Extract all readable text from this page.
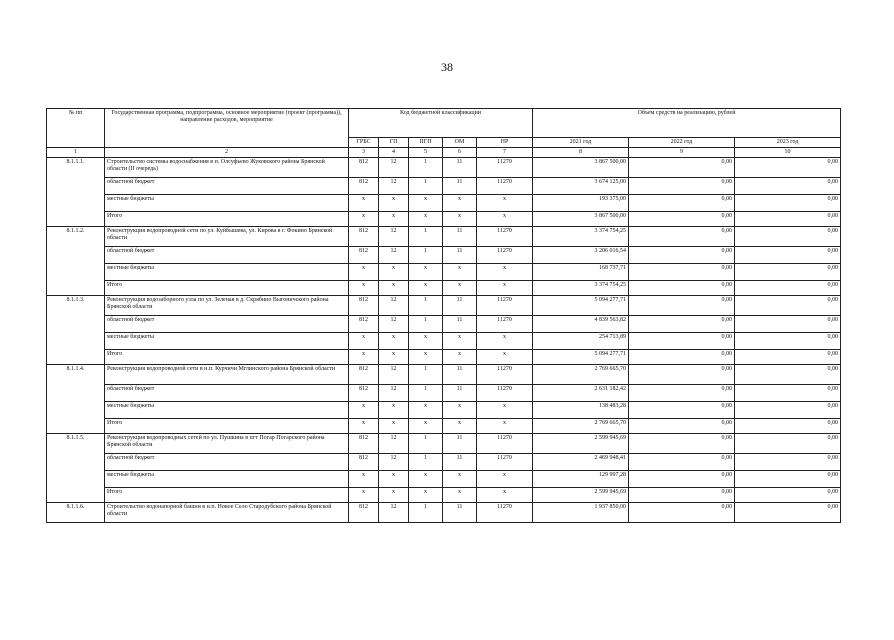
38
№ пп	Государственная программа, подпрограмма, основное мероприятие (проект (программа)), направление расходов, мероприятие	Код бюджетной классификации					Объем средств на реализацию, рублей		
		ГРБС	ГП	ПГП	ОМ	НР	2021 год	2022 год	2023 год
1	2	3	4	5	6	7	8	9	10
8.1.1.1.	Строительство системы водоснабжения в п. Олсуфьево Жуковского района Брянской области (II очередь)	812	12	1	11	11270	3 867 500,00	0,00	0,00
	областной бюджет	812	12	1	11	11270	3 674 125,00	0,00	0,00
	местные бюджеты	х	х	х	х	х	193 375,00	0,00	0,00
	Итого	х	х	х	х	х	3 867 500,00	0,00	0,00
8.1.1.2.	Реконструкция водопроводной сети по ул. Куйбышева, ул. Кирова в г. Фокино Брянской области	812	12	1	11	11270	3 374 754,25	0,00	0,00
	областной бюджет	812	12	1	11	11270	3 206 016,54	0,00	0,00
	местные бюджеты	х	х	х	х	х	168 737,71	0,00	0,00
	Итого	х	х	х	х	х	3 374 754,25	0,00	0,00
8.1.1.3.	Реконструкция водозаборного узла по ул. Зеленая в д. Скрябино Выгоничского района Брянской области	812	12	1	11	11270	5 094 277,71	0,00	0,00
	областной бюджет	812	12	1	11	11270	4 839 563,82	0,00	0,00
	местные бюджеты	х	х	х	х	х	254 713,89	0,00	0,00
	Итого	х	х	х	х	х	5 094 277,71	0,00	0,00
8.1.1.4.	Реконструкция водопроводной сети в н.п. Курчичи Мглинского района Брянской области	812	12	1	11	11270	2 769 665,70	0,00	0,00
	областной бюджет	812	12	1	11	11270	2 631 182,42	0,00	0,00
	местные бюджеты	х	х	х	х	х	138 483,28	0,00	0,00
	Итого	х	х	х	х	х	2 769 665,70	0,00	0,00
8.1.1.5.	Реконструкция водопроводных сетей по ул. Пушкина в пгт Погар Погарского района Брянской области	812	12	1	11	11270	2 599 945,69	0,00	0,00
	областной бюджет	812	12	1	11	11270	2 469 948,41	0,00	0,00
	местные бюджеты	х	х	х	х	х	129 997,28	0,00	0,00
	Итого	х	х	х	х	х	2 599 945,69	0,00	0,00
8.1.1.6.	Строительство водонапорной башни в н.п. Новое Село Стародубского района Брянской области	812	12	1	11	11270	1 937 850,00	0,00	0,00
